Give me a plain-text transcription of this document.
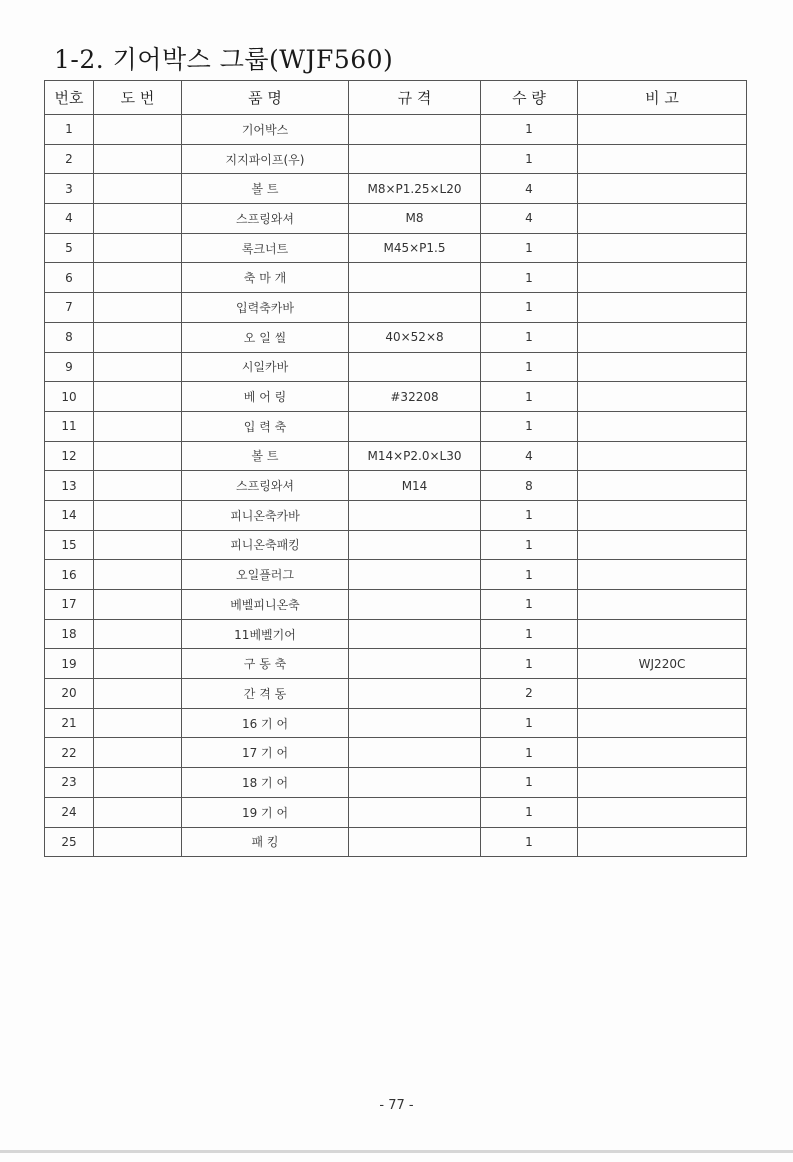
1-2. 기어박스 그룹(WJF560)
번호	도 번	품 명	규 격	수 량	비 고
1		기어박스		1	
2		지지파이프(우)		1	
3		볼 트	M8×P1.25×L20	4	
4		스프링와셔	M8	4	
5		록크너트	M45×P1.5	1	
6		축 마 개		1	
7		입력축카바		1	
8		오 일 씰	40×52×8	1	
9		시일카바		1	
10		베 어 링	#32208	1	
11		입 력 축		1	
12		볼 트	M14×P2.0×L30	4	
13		스프링와셔	M14	8	
14		피니온축카바		1	
15		피니온축패킹		1	
16		오일플러그		1	
17		베벨피니온축		1	
18		11베벨기어		1	
19		구 동 축		1	WJ220C
20		간 격 동		2	
21		16 기 어		1	
22		17 기 어		1	
23		18 기 어		1	
24		19 기 어		1	
25		패 킹		1	
- 77 -
